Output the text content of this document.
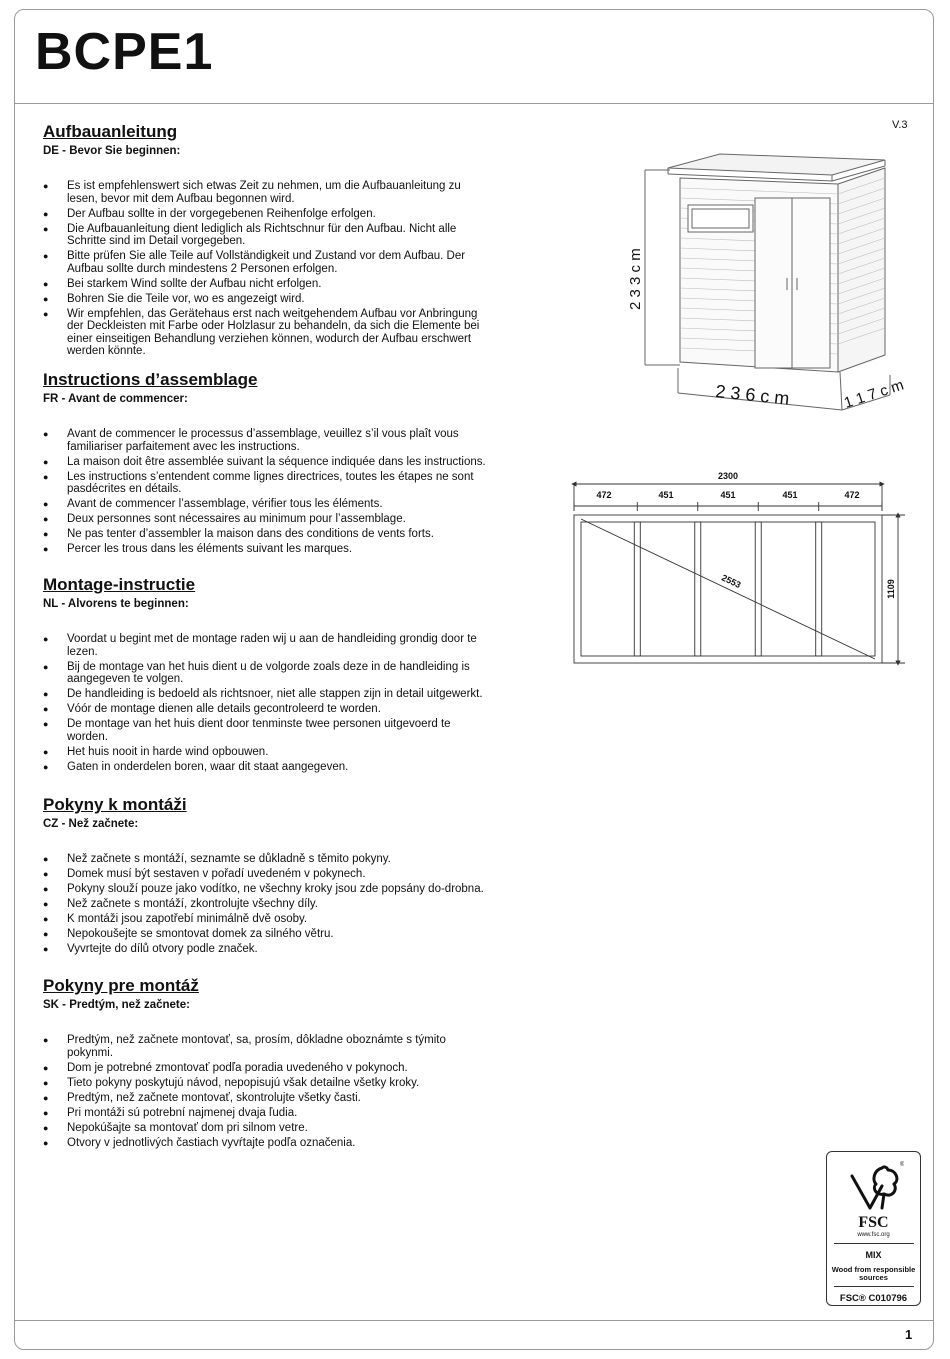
BCPE1
V.3
Aufbauanleitung
DE - Bevor Sie beginnen:
● Es ist empfehlenswert sich etwas Zeit zu nehmen, um die Aufbauanleitung zu lesen, bevor mit dem Aufbau begonnen wird.
● Der Aufbau sollte in der vorgegebenen Reihenfolge erfolgen.
● Die Aufbauanleitung dient lediglich als Richtschnur für den Aufbau. Nicht alle Schritte sind im Detail vorgegeben.
● Bitte prüfen Sie alle Teile auf Vollständigkeit und Zustand vor dem Aufbau. Der Aufbau sollte durch mindestens 2 Personen erfolgen.
● Bei starkem Wind sollte der Aufbau nicht erfolgen.
● Bohren Sie die Teile vor, wo es angezeigt wird.
● Wir empfehlen, das Gerätehaus erst nach weitgehendem Aufbau vor Anbringung der Deckleisten mit Farbe oder Holzlasur zu behandeln, da sich die Elemente bei einer einseitigen Behandlung verziehen können, wodurch der Aufbau erschwert werden könnte.
Instructions d’assemblage
FR - Avant de commencer:
● Avant de commencer le processus d’assemblage, veuillez s’il vous plaît vous familiariser parfaitement avec les instructions.
● La maison doit être assemblée suivant la séquence indiquée dans les instructions.
● Les instructions s’entendent comme lignes directrices, toutes les étapes ne sont pasdécrites en détails.
● Avant de commencer l’assemblage, vérifier tous les éléments.
● Deux personnes sont nécessaires au minimum pour l’assemblage.
● Ne pas tenter d’assembler la maison dans des conditions de vents forts.
● Percer les trous dans les éléments suivant les marques.
Montage-instructie
NL - Alvorens te beginnen:
● Voordat u begint met de montage raden wij u aan de handleiding grondig door te lezen.
● Bij de montage van het huis dient u de volgorde zoals deze in de handleiding is aangegeven te volgen.
● De handleiding is bedoeld als richtsnoer, niet alle stappen zijn in detail uitgewerkt.
● Vóór de montage dienen alle details gecontroleerd te worden.
● De montage van het huis dient door tenminste twee personen uitgevoerd te worden.
● Het huis nooit in harde wind opbouwen.
● Gaten in onderdelen boren, waar dit staat aangegeven.
Pokyny k montáži
CZ - Než začnete:
● Než začnete s montáží, seznamte se důkladně s těmito pokyny.
● Domek musí být sestaven v pořadí uvedeném v pokynech.
● Pokyny slouží pouze jako vodítko, ne všechny kroky jsou zde popsány do-drobna.
● Než začnete s montáží, zkontrolujte všechny díly.
● K montáži jsou zapotřebí minimálně dvě osoby.
● Nepokoušejte se smontovat domek za silného větru.
● Vyvrtejte do dílů otvory podle značek.
Pokyny pre montáž
SK - Predtým, než začnete:
● Predtým, než začnete montovať, sa, prosím, dôkladne oboznámte s týmito pokynmi.
● Dom je potrebné zmontovať podľa poradia uvedeného v pokynoch.
● Tieto pokyny poskytujú návod, nepopisujú však detailne všetky kroky.
● Predtým, než začnete montovať, skontrolujte všetky časti.
● Pri montáži sú potrební najmenej dvaja ľudia.
● Nepokúšajte sa montovať dom pri silnom vetre.
● Otvory v jednotlivých častiach vyvŕtajte podľa označenia.
2 3 3 c m
2 3 6 c m	1 1 7 c m
2300
2553	1109
472	451	451	451	472
®
FSC
www.fsc.org
MIX
Wood from responsible sources
FSC® C010796
1
